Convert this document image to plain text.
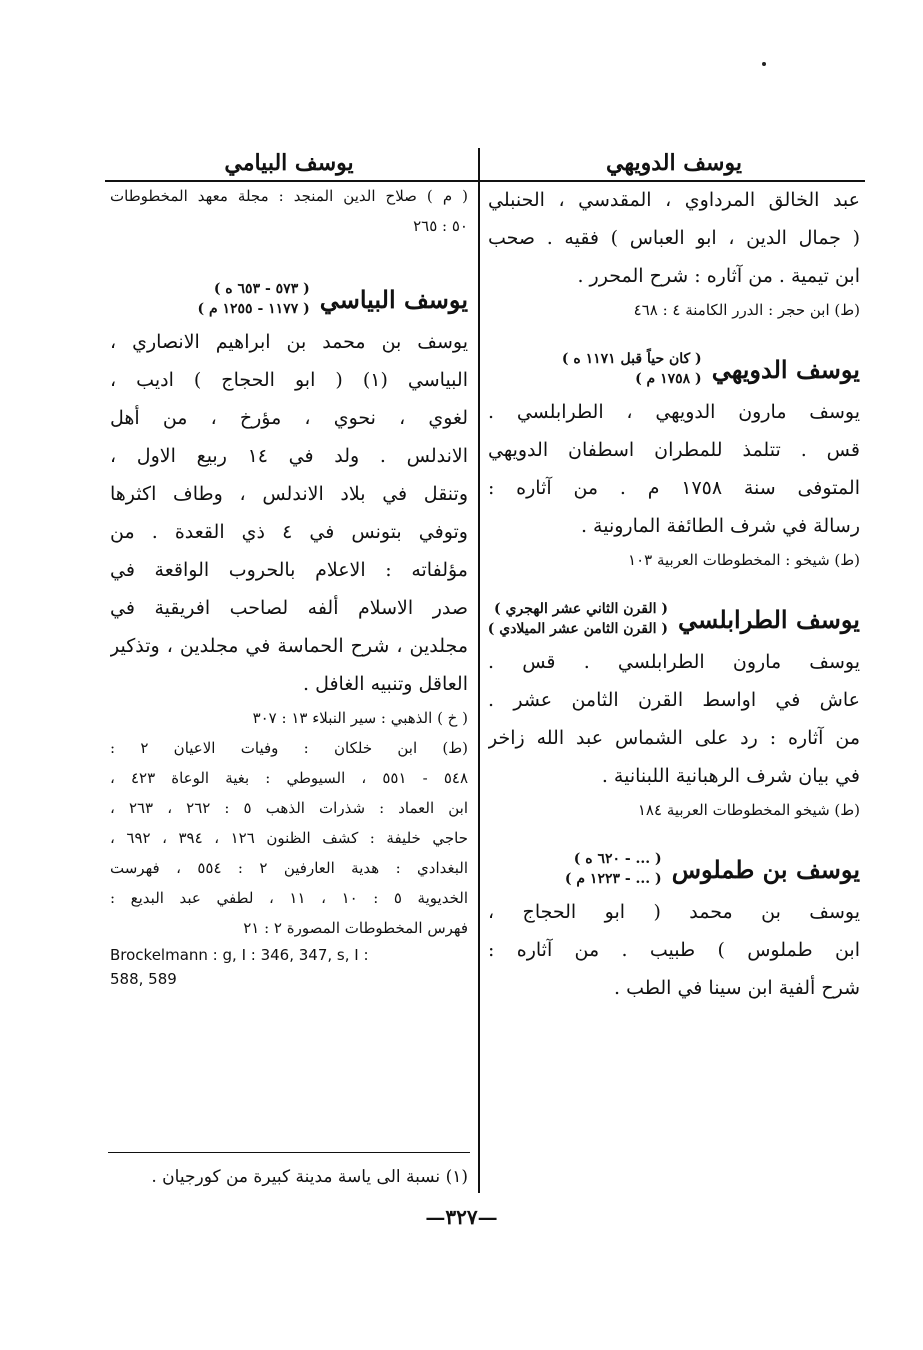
يوسف الدويهي
عبد الخالق المرداوي ، المقدسي ، الحنبلي
( جمال الدين ، ابو العباس ) فقيه . صحب
ابن تيمية . من آثاره : شرح المحرر .
(ط) ابن حجر : الدرر الكامنة ٤ : ٤٦٨
يوسف الدويهي
( كان حياً قبل ١١٧١ ه )
( ١٧٥٨ م )
يوسف مارون الدويهي ، الطرابلسي .
قس . تتلمذ للمطران اسطفان الدويهي
المتوفى سنة ١٧٥٨ م . من آثاره :
رسالة في شرف الطائفة المارونية .
(ط) شيخو : المخطوطات العربية ١٠٣
يوسف الطرابلسي
( القرن الثاني عشر الهجري )
( القرن الثامن عشر الميلادي )
يوسف مارون الطرابلسي . قس .
عاش في اواسط القرن الثامن عشر .
من آثاره : رد على الشماس عبد الله زاخر
في بيان شرف الرهبانية اللبنانية .
(ط) شيخو المخطوطات العربية ١٨٤
يوسف بن طملوس
( ... - ٦٢٠ ه )
( ... - ١٢٢٣ م )
يوسف بن محمد ( ابو الحجاج ،
ابن طملوس ) طبيب . من آثاره :
شرح ألفية ابن سينا في الطب .
يوسف البيامي
( م ) صلاح الدين المنجد : مجلة معهد المخطوطات
٥٠ : ٢٦٥
يوسف البياسي
( ٥٧٣ - ٦٥٣ ه )
( ١١٧٧ - ١٢٥٥ م )
يوسف بن محمد بن ابراهيم الانصاري ،
البياسي (١) ( ابو الحجاج ) اديب ،
لغوي ، نحوي ، مؤرخ ، من أهل
الاندلس . ولد في ١٤ ربيع الاول ،
وتنقل في بلاد الاندلس ، وطاف اكثرها
وتوفي بتونس في ٤ ذي القعدة . من
مؤلفاته : الاعلام بالحروب الواقعة في
صدر الاسلام ألفه لصاحب افريقية في
مجلدين ، شرح الحماسة في مجلدين ، وتذكير
العاقل وتنبيه الغافل .
( خ ) الذهبي : سير النبلاء ١٣ : ٣٠٧
(ط) ابن خلكان : وفيات الاعيان ٢ :
٥٤٨ - ٥٥١ ، السيوطي : بغية الوعاة ٤٢٣ ،
ابن العماد : شذرات الذهب ٥ : ٢٦٢ ، ٢٦٣ ،
حاجي خليفة : كشف الظنون ١٢٦ ، ٣٩٤ ، ٦٩٢ ،
البغدادي : هدية العارفين ٢ : ٥٥٤ ، فهرست
الخديوية ٥ : ١٠ ، ١١ ، لطفي عبد البديع :
فهرس المخطوطات المصورة ٢ : ٢١
Brockelmann : g, I : 346, 347, s, I :
588, 589
(١) نسبة الى ياسة مدينة كبيرة من كورجيان .
—٣٢٧—
